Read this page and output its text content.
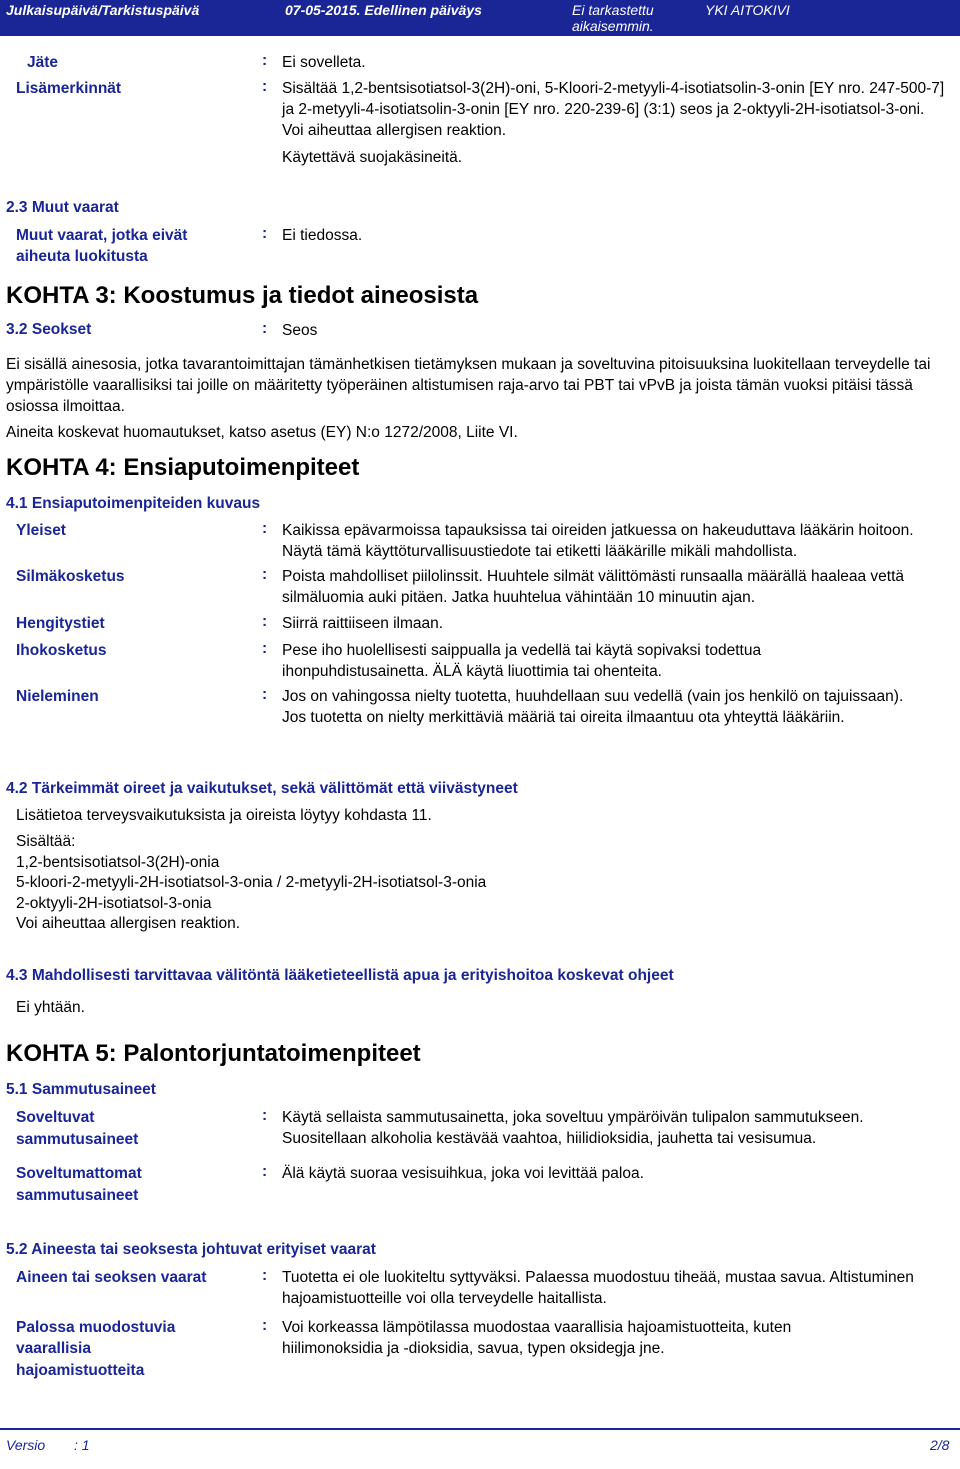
Julkaisupäivä/Tarkistuspäivä	07-05-2015. Edellinen päiväys	Ei tarkastettu
aikaisemmin.
YKI AITOKIVI
Jäte	: Ei sovelleta.
Lisämerkinnät	: Sisältää 1,2-bentsisotiatsol-3(2H)-oni, 5-Kloori-2-metyyli-4-isotiatsolin-3-onin [EY nro. 247-500-7] ja 2-metyyli-4-isotiatsolin-3-onin [EY nro. 220-239-6] (3:1) seos ja 2-oktyyli-2H-isotiatsol-3-oni. Voi aiheuttaa allergisen reaktion.
Käytettävä suojakäsineitä.
2.3 Muut vaarat
Muut vaarat, jotka eivät aiheuta luokitusta
: Ei tiedossa.
KOHTA 3: Koostumus ja tiedot aineosista
3.2 Seokset	: Seos
Ei sisällä ainesosia, jotka tavarantoimittajan tämänhetkisen tietämyksen mukaan ja soveltuvina pitoisuuksina luokitellaan terveydelle tai ympäristölle vaarallisiksi tai joille on määritetty työperäinen altistumisen raja-arvo tai PBT tai vPvB ja joista tämän vuoksi pitäisi tässä osiossa ilmoittaa.
Aineita koskevat huomautukset, katso asetus (EY) N:o 1272/2008, Liite VI.
KOHTA 4: Ensiaputoimenpiteet
4.1 Ensiaputoimenpiteiden kuvaus
Yleiset	: Kaikissa epävarmoissa tapauksissa tai oireiden jatkuessa on hakeuduttava lääkärin hoitoon. Näytä tämä käyttöturvallisuustiedote tai etiketti lääkärille mikäli mahdollista.
Silmäkosketus	: Poista mahdolliset piilolinssit. Huuhtele silmät välittömästi runsaalla määrällä haaleaa vettä silmäluomia auki pitäen. Jatka huuhtelua vähintään 10 minuutin ajan.
Hengitystiet	: Siirrä raittiiseen ilmaan.
Ihokosketus	: Pese iho huolellisesti saippualla ja vedellä tai käytä sopivaksi todettua ihonpuhdistusainetta. ÄLÄ käytä liuottimia tai ohenteita.
Nieleminen	: Jos on vahingossa nielty tuotetta, huuhdellaan suu vedellä (vain jos henkilö on tajuissaan). Jos tuotetta on nielty merkittäviä määriä tai oireita ilmaantuu ota yhteyttä lääkäriin.
4.2 Tärkeimmät oireet ja vaikutukset, sekä välittömät että viivästyneet
Lisätietoa terveysvaikutuksista ja oireista löytyy kohdasta 11.
Sisältää:
1,2-bentsisotiatsol-3(2H)-onia
5-kloori-2-metyyli-2H-isotiatsol-3-onia / 2-metyyli-2H-isotiatsol-3-onia
2-oktyyli-2H-isotiatsol-3-onia
Voi aiheuttaa allergisen reaktion.
4.3 Mahdollisesti tarvittavaa välitöntä lääketieteellistä apua ja erityishoitoa koskevat ohjeet
Ei yhtään.
KOHTA 5: Palontorjuntatoimenpiteet
5.1 Sammutusaineet
Soveltuvat
sammutusaineet
: Käytä sellaista sammutusainetta, joka soveltuu ympäröivän tulipalon sammutukseen. Suositellaan alkoholia kestävää vaahtoa, hiilidioksidia, jauhetta tai vesisumua.
Soveltumattomat
sammutusaineet
: Älä käytä suoraa vesisuihkua, joka voi levittää paloa.
5.2 Aineesta tai seoksesta johtuvat erityiset vaarat
Aineen tai seoksen vaarat	: Tuotetta ei ole luokiteltu syttyväksi. Palaessa muodostuu tiheää, mustaa savua. Altistuminen hajoamistuotteille voi olla terveydelle haitallista.
Palossa muodostuvia
vaarallisia
hajoamistuotteita
: Voi korkeassa lämpötilassa muodostaa vaarallisia hajoamistuotteita, kuten hiilimonoksidia ja -dioksidia, savua, typen oksidegja jne.
Versio : 1	2/8
